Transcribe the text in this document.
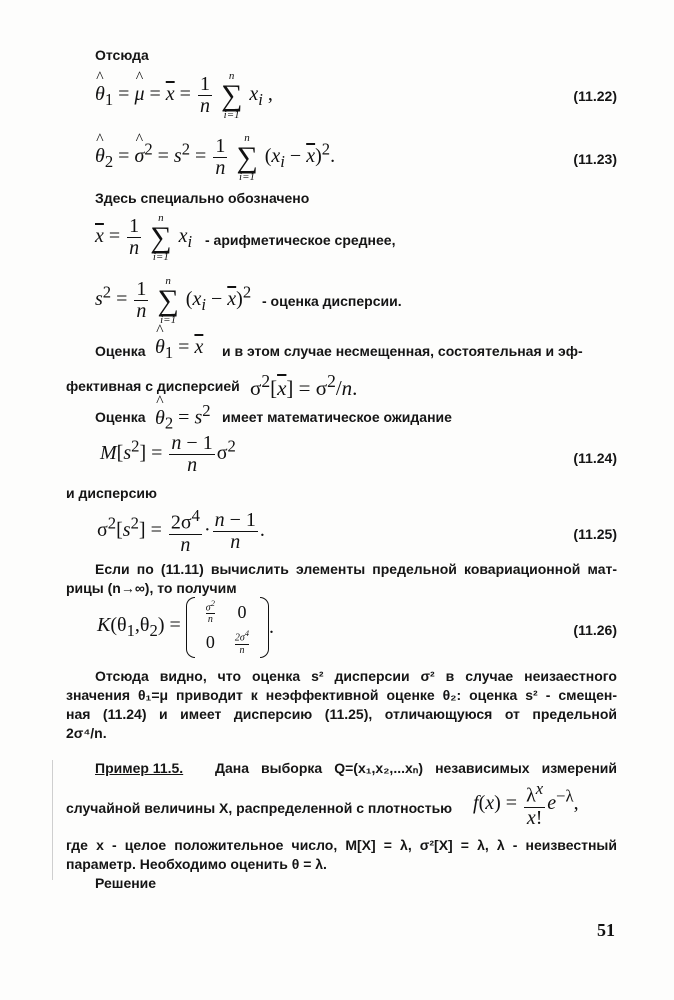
Отсюда
^ $\theta_1$ = ^ $\mu = \overline{x} = \frac{1}{n}$
	n
∑
i=1
$x_i$ ,	(11.22)
^ $\theta_2$ = ^ $\sigma^2 = s^2 = \frac{1}{n}$
	n
∑
i=1
$(x_i - \overline{x})^2$.	(11.23)
Здесь специально обозначено
$\overline{x} = \frac{1}{n}$
	n
∑
i=1
$x_i$ - арифметическое среднее,
$s^2 = \frac{1}{n}$
	n
∑
i=1
$(x_i - \overline{x})^2$ - оценка дисперсии.
Оценка ^ $\theta_1 = \overline{x}$ и в этом случае несмещенная, состоятельная и эф-
фективная с дисперсией $\sigma^2[\overline{x}] = \sigma^2/n$.
Оценка ^ $\theta_2 = s^2$ имеет математическое ожидание
$M[s^2] = \frac{n - 1}{n} \sigma^2$
(11.24)
и дисперсию
$\sigma^2[s^2] = \frac{2\sigma^4}{n} \cdot \frac{n - 1}{n}$ .	(11.25)
Если по (11.11) вычислить элементы предельной ковариационной мат-
рицы (n→∞), то получим
$K(\theta_1,\theta_2)$ =	$\frac{\sigma^2}{n}$	0
0	$\frac{2\sigma^4}{n}$
.	(11.26)
Отсюда видно, что оценка s² дисперсии σ² в случае неизаестного
значения θ₁=μ приводит к неэффективной оценке θ₂: оценка s² - смещен-
ная (11.24) и имеет дисперсию (11.25), отличающуюся от предельной
2σ⁴/n.
Пример 11.5. Дана выборка Q=(x₁,x₂,...xₙ) независимых измерений
случайной величины X, распределенной с плотностью $f(x) = \frac{\lambda^x}{x!} e^{-\lambda}$,
где x - целое положительное число, M[X] = λ, σ²[X] = λ, λ - неизвестный
параметр. Необходимо оценить θ = λ.
Решение
51
